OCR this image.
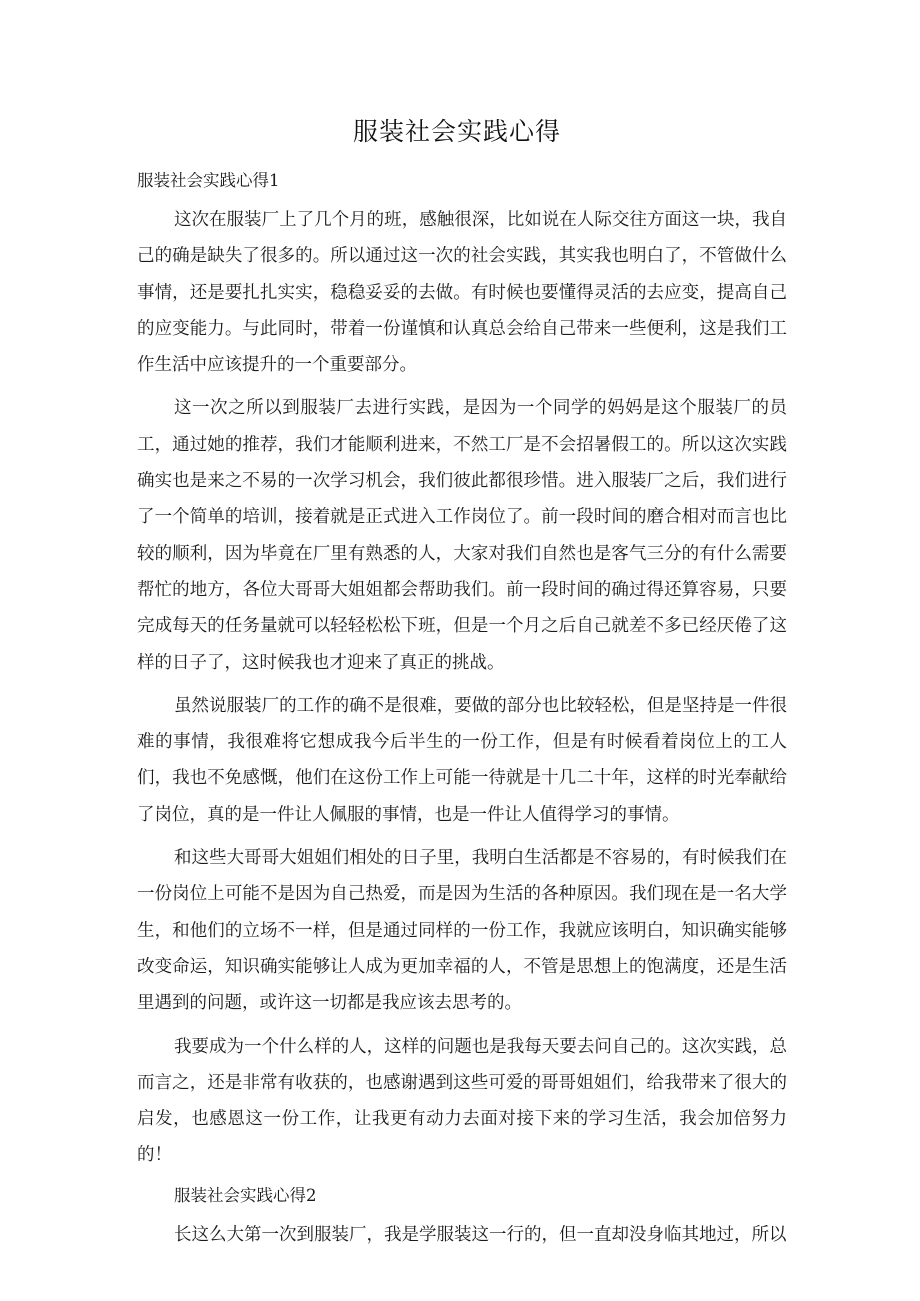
服装社会实践心得
服装社会实践心得1

这次在服装厂上了几个月的班，感触很深，比如说在人际交往方面这一块，我自己的确是缺失了很多的。所以通过这一次的社会实践，其实我也明白了，不管做什么事情，还是要扎扎实实，稳稳妥妥的去做。有时候也要懂得灵活的去应变，提高自己的应变能力。与此同时，带着一份谨慎和认真总会给自己带来一些便利，这是我们工作生活中应该提升的一个重要部分。

这一次之所以到服装厂去进行实践，是因为一个同学的妈妈是这个服装厂的员工，通过她的推荐，我们才能顺利进来，不然工厂是不会招暑假工的。所以这次实践确实也是来之不易的一次学习机会，我们彼此都很珍惜。进入服装厂之后，我们进行了一个简单的培训，接着就是正式进入工作岗位了。前一段时间的磨合相对而言也比较的顺利，因为毕竟在厂里有熟悉的人，大家对我们自然也是客气三分的有什么需要帮忙的地方，各位大哥哥大姐姐都会帮助我们。前一段时间的确过得还算容易，只要完成每天的任务量就可以轻轻松松下班，但是一个月之后自己就差不多已经厌倦了这样的日子了，这时候我也才迎来了真正的挑战。

虽然说服装厂的工作的确不是很难，要做的部分也比较轻松，但是坚持是一件很难的事情，我很难将它想成我今后半生的一份工作，但是有时候看着岗位上的工人们，我也不免感慨，他们在这份工作上可能一待就是十几二十年，这样的时光奉献给了岗位，真的是一件让人佩服的事情，也是一件让人值得学习的事情。

和这些大哥哥大姐姐们相处的日子里，我明白生活都是不容易的，有时候我们在一份岗位上可能不是因为自己热爱，而是因为生活的各种原因。我们现在是一名大学生，和他们的立场不一样，但是通过同样的一份工作，我就应该明白，知识确实能够改变命运，知识确实能够让人成为更加幸福的人，不管是思想上的饱满度，还是生活里遇到的问题，或许这一切都是我应该去思考的。

我要成为一个什么样的人，这样的问题也是我每天要去问自己的。这次实践，总而言之，还是非常有收获的，也感谢遇到这些可爱的哥哥姐姐们，给我带来了很大的启发，也感恩这一份工作，让我更有动力去面对接下来的学习生活，我会加倍努力的！

服装社会实践心得2

长这么大第一次到服装厂，我是学服装这一行的，但一直却没身临其地过，所以
